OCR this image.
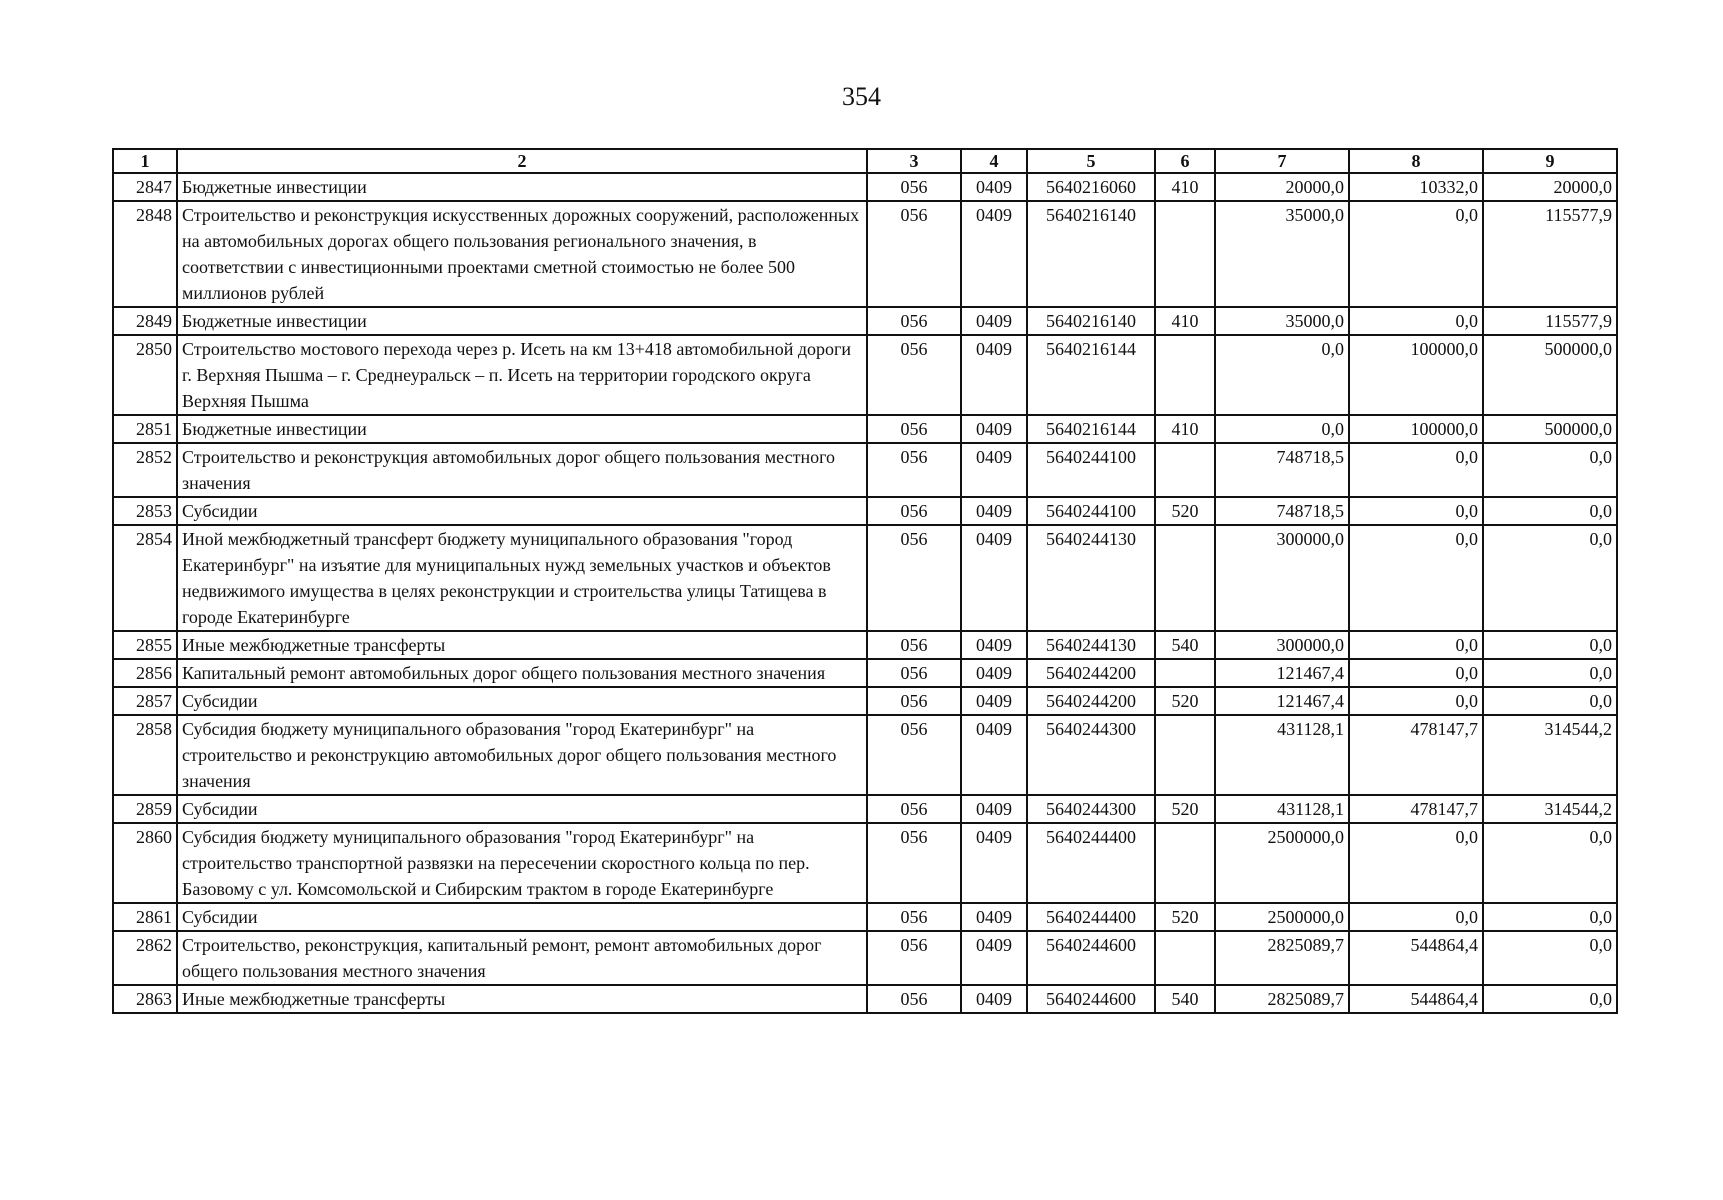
354
1	2	3	4	5	6	7	8	9
2847	Бюджетные инвестиции	056	0409	5640216060	410	20000,0	10332,0	20000,0
2848	Строительство и реконструкция искусственных дорожных сооружений, расположенных на автомобильных дорогах общего пользования регионального значения, в соответствии с инвестиционными проектами сметной стоимостью не более 500 миллионов рублей	056	0409	5640216140		35000,0	0,0	115577,9
2849	Бюджетные инвестиции	056	0409	5640216140	410	35000,0	0,0	115577,9
2850	Строительство мостового перехода через р. Исеть на км 13+418 автомобильной дороги г. Верхняя Пышма – г. Среднеуральск – п. Исеть на территории городского округа Верхняя Пышма	056	0409	5640216144		0,0	100000,0	500000,0
2851	Бюджетные инвестиции	056	0409	5640216144	410	0,0	100000,0	500000,0
2852	Строительство и реконструкция автомобильных дорог общего пользования местного значения	056	0409	5640244100		748718,5	0,0	0,0
2853	Субсидии	056	0409	5640244100	520	748718,5	0,0	0,0
2854	Иной межбюджетный трансферт бюджету муниципального образования "город Екатеринбург" на изъятие для муниципальных нужд земельных участков и объектов недвижимого имущества в целях реконструкции и строительства улицы Татищева в городе Екатеринбурге	056	0409	5640244130		300000,0	0,0	0,0
2855	Иные межбюджетные трансферты	056	0409	5640244130	540	300000,0	0,0	0,0
2856	Капитальный ремонт автомобильных дорог общего пользования местного значения	056	0409	5640244200		121467,4	0,0	0,0
2857	Субсидии	056	0409	5640244200	520	121467,4	0,0	0,0
2858	Субсидия бюджету муниципального образования "город Екатеринбург" на строительство и реконструкцию автомобильных дорог общего пользования местного значения	056	0409	5640244300		431128,1	478147,7	314544,2
2859	Субсидии	056	0409	5640244300	520	431128,1	478147,7	314544,2
2860	Субсидия бюджету муниципального образования "город Екатеринбург" на строительство транспортной развязки на пересечении скоростного кольца по пер. Базовому с ул. Комсомольской и Сибирским трактом в городе Екатеринбурге	056	0409	5640244400		2500000,0	0,0	0,0
2861	Субсидии	056	0409	5640244400	520	2500000,0	0,0	0,0
2862	Строительство, реконструкция, капитальный ремонт, ремонт автомобильных дорог общего пользования местного значения	056	0409	5640244600		2825089,7	544864,4	0,0
2863	Иные межбюджетные трансферты	056	0409	5640244600	540	2825089,7	544864,4	0,0
